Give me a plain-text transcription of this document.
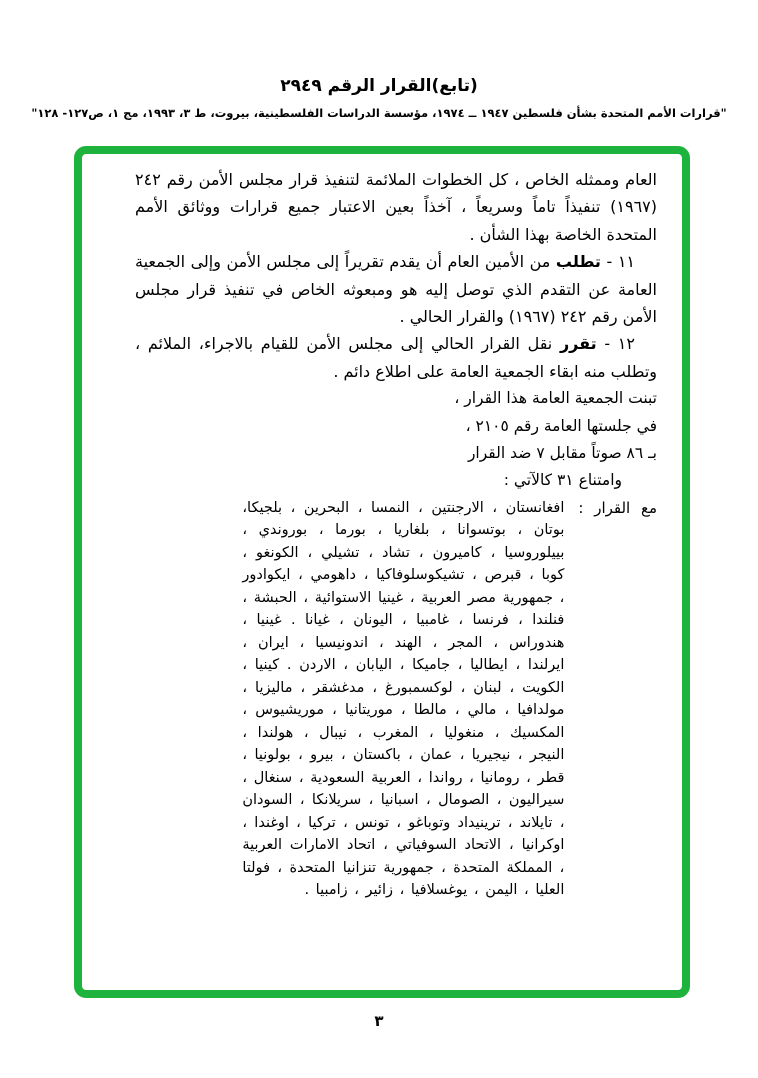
(تابع)القرار الرقم ٢٩٤٩
"قرارات الأمم المتحدة بشأن فلسطين ١٩٤٧ ــ ١٩٧٤، مؤسسة الدراسات الفلسطينية، بيروت، ط ٣، ١٩٩٣، مج ١، ص١٢٧- ١٢٨"

العام وممثله الخاص ، كل الخطوات الملائمة لتنفيذ قرار مجلس الأمن رقم ٢٤٢ (١٩٦٧) تنفيذاً تاماً وسريعاً ، آخذاً بعين الاعتبار جميع قرارات ووثائق الأمم المتحدة الخاصة بهذا الشأن .

١١ - تطلب من الأمين العام أن يقدم تقريراً إلى مجلس الأمن وإلى الجمعية العامة عن التقدم الذي توصل إليه هو ومبعوثه الخاص في تنفيذ قرار مجلس الأمن رقم ٢٤٢ (١٩٦٧) والقرار الحالي .

١٢ - تقرر نقل القرار الحالي إلى مجلس الأمن للقيام بالاجراء، الملائم ، وتطلب منه ابقاء الجمعية العامة على اطلاع دائم .

تبنت الجمعية العامة هذا القرار ،
في جلستها العامة رقم ٢١٠٥ ،
بـ ٨٦ صوتاً مقابل ٧ ضد القرار
وامتناع ٣١ كالآتي :
مع القرار :
افغانستان ، الارجنتين ، النمسا ، البحرين ، بلجيكا، بوتان ، بوتسوانا ، بلغاريا ، بورما ، بوروندي ، بييلوروسيا ، كاميرون ، تشاد ، تشيلي ، الكونغو ، كوبا ، قبرص ، تشيكوسلوفاكيا ، داهومي ، ايكوادور ، جمهورية مصر العربية ، غينيا الاستوائية ، الحبشة ، فنلندا ، فرنسا ، غامبيا ، اليونان ، غيانا . غينيا ، هندوراس ، المجر ، الهند ، اندونيسيا ، ايران ، ايرلندا ، ايطاليا ، جاميكا ، اليابان ، الاردن . كينيا ، الكويت ، لبنان ، لوكسمبورغ ، مدغشقر ، ماليزيا ، مولدافيا ، مالي ، مالطا ، موريتانيا ، موريشيوس ، المكسيك ، منغوليا ، المغرب ، نيبال ، هولندا ، النيجر ، نيجيريا ، عمان ، باكستان ، بيرو ، بولونيا ، قطر ، رومانيا ، رواندا ، العربية السعودية ، سنغال ، سيراليون ، الصومال ، اسبانيا ، سريلانكا ، السودان ، تايلاند ، ترينيداد وتوباغو ، تونس ، تركيا ، اوغندا ، اوكرانيا ، الاتحاد السوفياتي ، اتحاد الامارات العربية ، المملكة المتحدة ، جمهورية تنزانيا المتحدة ، فولتا العليا ، اليمن ، يوغسلافيا ، زائير ، زامبيا .
٣
